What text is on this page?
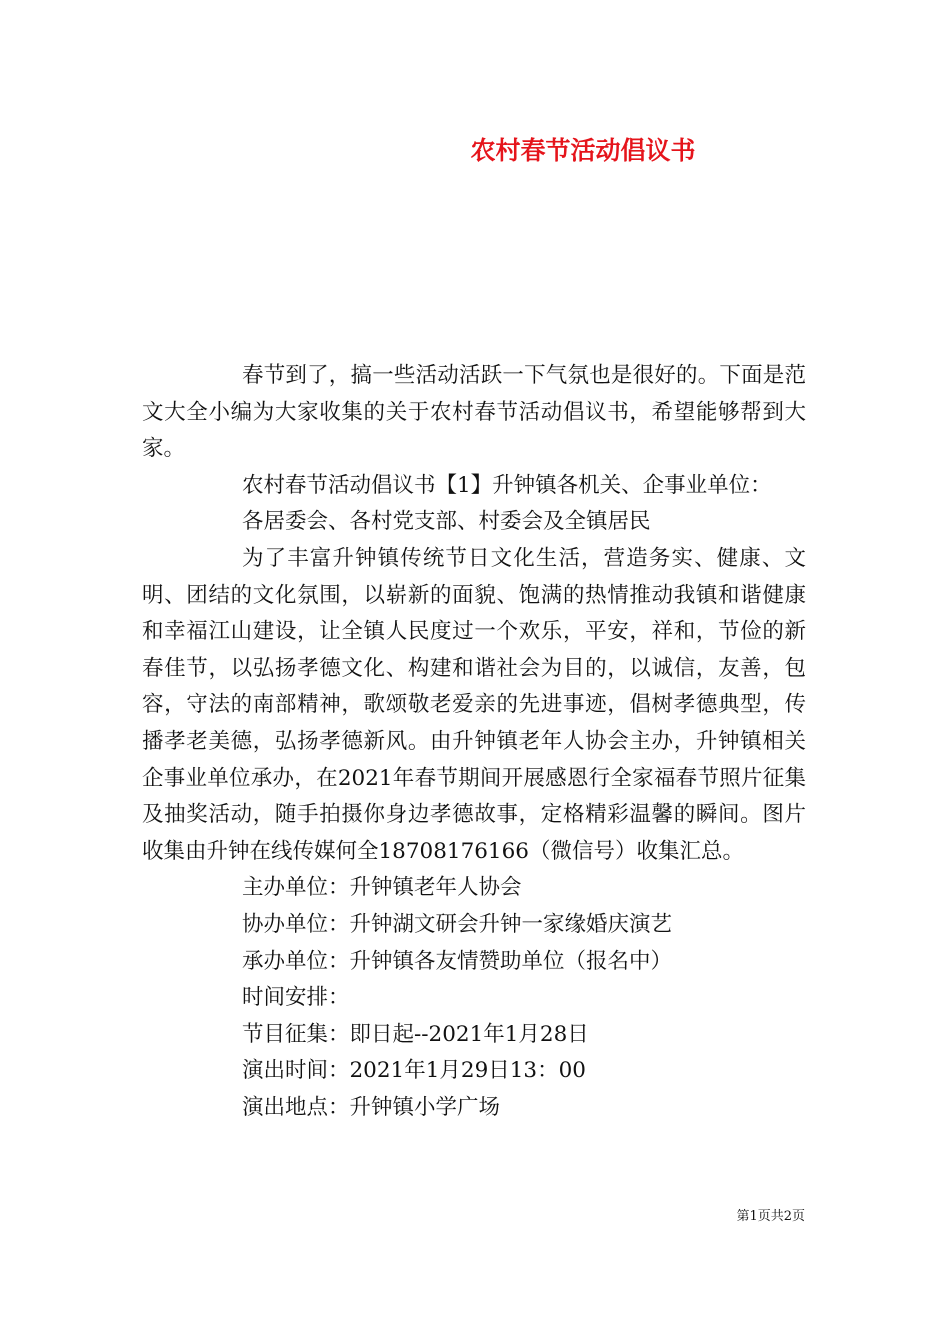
农村春节活动倡议书

春节到了，搞一些活动活跃一下气氛也是很好的。下面是范文大全小编为大家收集的关于农村春节活动倡议书，希望能够帮到大家。

农村春节活动倡议书【1】升钟镇各机关、企事业单位：

各居委会、各村党支部、村委会及全镇居民

为了丰富升钟镇传统节日文化生活，营造务实、健康、文明、团结的文化氛围，以崭新的面貌、饱满的热情推动我镇和谐健康和幸福江山建设，让全镇人民度过一个欢乐，平安，祥和，节俭的新春佳节，以弘扬孝德文化、构建和谐社会为目的，以诚信，友善，包容，守法的南部精神，歌颂敬老爱亲的先进事迹，倡树孝德典型，传播孝老美德，弘扬孝德新风。由升钟镇老年人协会主办，升钟镇相关企事业单位承办，在2021年春节期间开展感恩行全家福春节照片征集及抽奖活动，随手拍摄你身边孝德故事，定格精彩温馨的瞬间。图片收集由升钟在线传媒何全18708176166（微信号）收集汇总。

主办单位：升钟镇老年人协会

协办单位：升钟湖文研会升钟一家缘婚庆演艺

承办单位：升钟镇各友情赞助单位（报名中）

时间安排：

节目征集：即日起--2021年1月28日

演出时间：2021年1月29日13：00

演出地点：升钟镇小学广场

第1页共2页
